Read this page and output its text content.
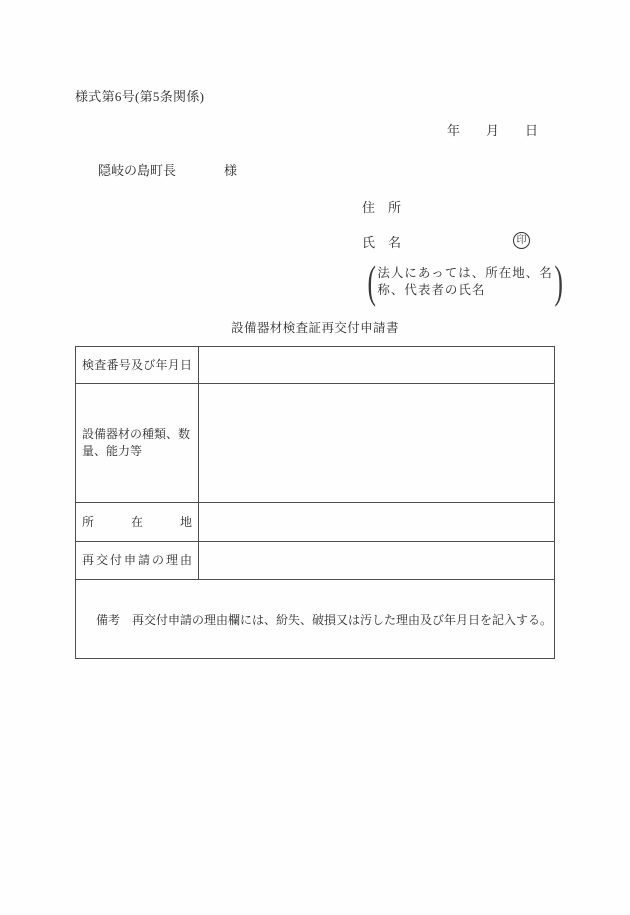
様式第6号(第5条関係)
年　　月　　日
隠岐の島町長	様
住　所
氏　名	印
( 法人にあっては、所在地、名
称、代表者の氏名	)
設備器材検査証再交付申請書
検査番号及び年月日
設備器材の種類、数量、能力等
所　在　地
再交付申請の理由
備考　再交付申請の理由欄には、紛失、破損又は汚した理由及び年月日を記入する。
